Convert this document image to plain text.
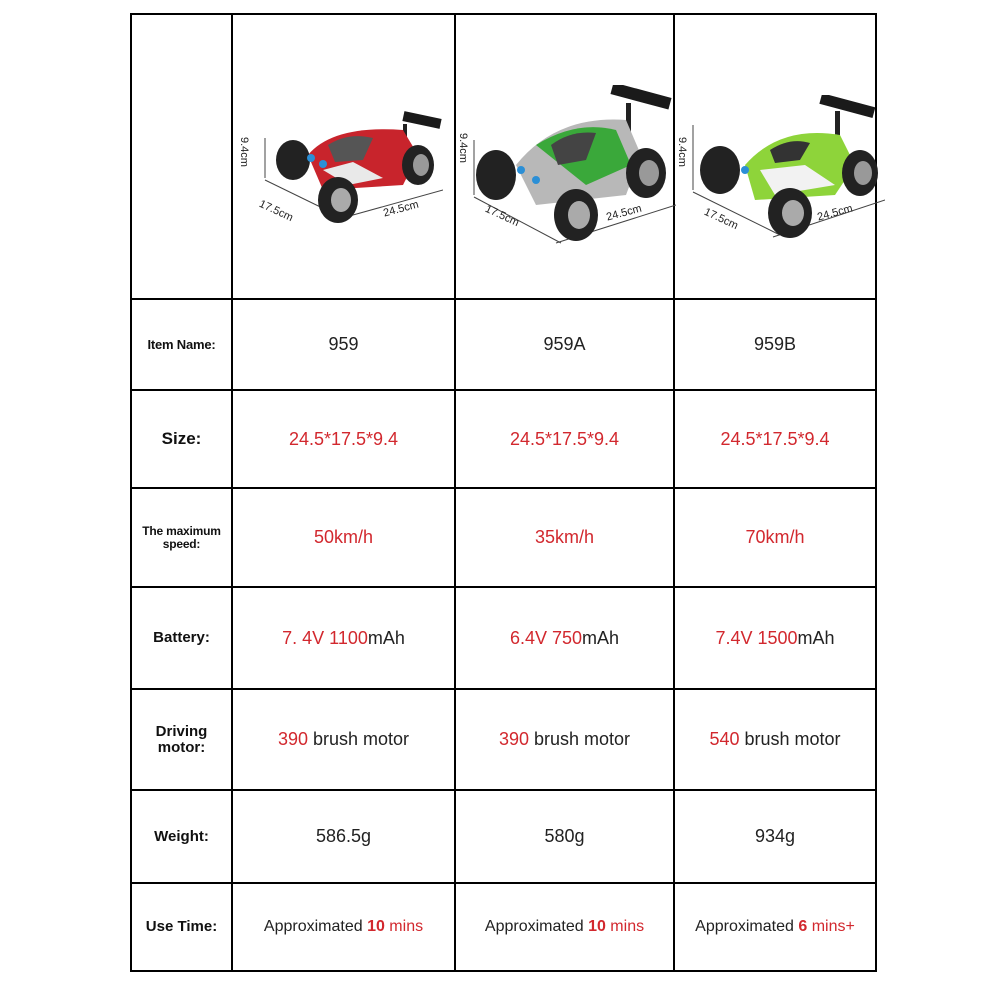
9.4cm
17.5cm	24.5cm
9.4cm
17.5cm	24.5cm
9.4cm
17.5cm	24.5cm
Item Name:	959	959A	959B
Size:	24.5*17.5*9.4	24.5*17.5*9.4	24.5*17.5*9.4
The maximum speed:	50km/h	35km/h	70km/h
Battery:	7. 4V 1100mAh	6.4V 750mAh	7.4V 1500mAh
Driving motor:	390 brush motor	390 brush motor	540 brush motor
Weight:	586.5g	580g	934g
Use Time:	Approximated 10 mins	Approximated 10 mins	Approximated 6 mins+
